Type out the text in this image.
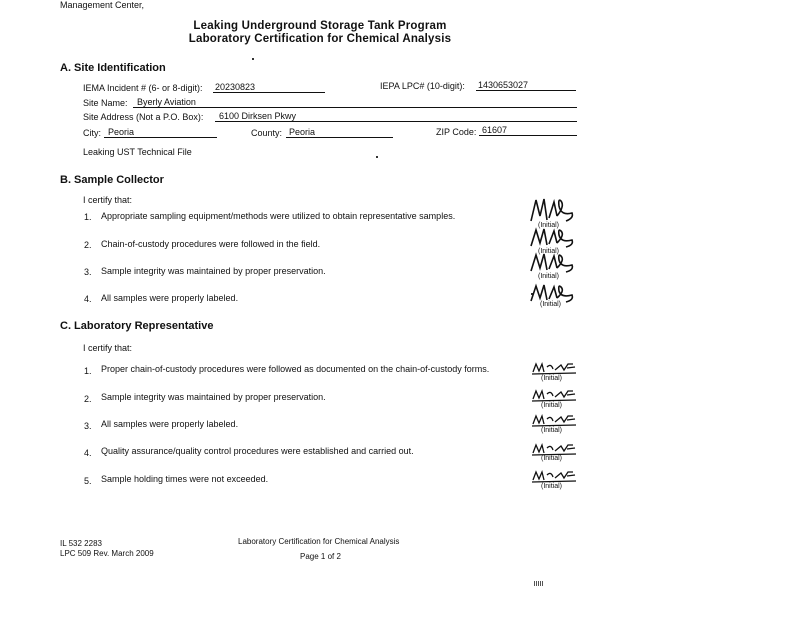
Management Center,
Leaking Underground Storage Tank Program
Laboratory Certification for Chemical Analysis
A. Site Identification
IEMA Incident # (6- or 8-digit): 20230823	IEPA LPC# (10-digit): 1430653027
Site Name: Byerly Aviation
Site Address (Not a P.O. Box): 6100 Dirksen Pkwy
City: Peoria	County: Peoria	ZIP Code: 61607
Leaking UST Technical File
B. Sample Collector
I certify that:
1. Appropriate sampling equipment/methods were utilized to obtain representative samples.
2. Chain-of-custody procedures were followed in the field.
3. Sample integrity was maintained by proper preservation.
4. All samples were properly labeled.
(Initial)
(Initial)
(Initial)
(Initial)
C. Laboratory Representative
I certify that:
1. Proper chain-of-custody procedures were followed as documented on the chain-of-custody forms.
2. Sample integrity was maintained by proper preservation.
3. All samples were properly labeled.
4. Quality assurance/quality control procedures were established and carried out.
5. Sample holding times were not exceeded.
(Initial)
(Initial)
(Initial)
(Initial)
(Initial)
IL 532 2283
LPC 509 Rev. March 2009
Laboratory Certification for Chemical Analysis
Page 1 of 2
